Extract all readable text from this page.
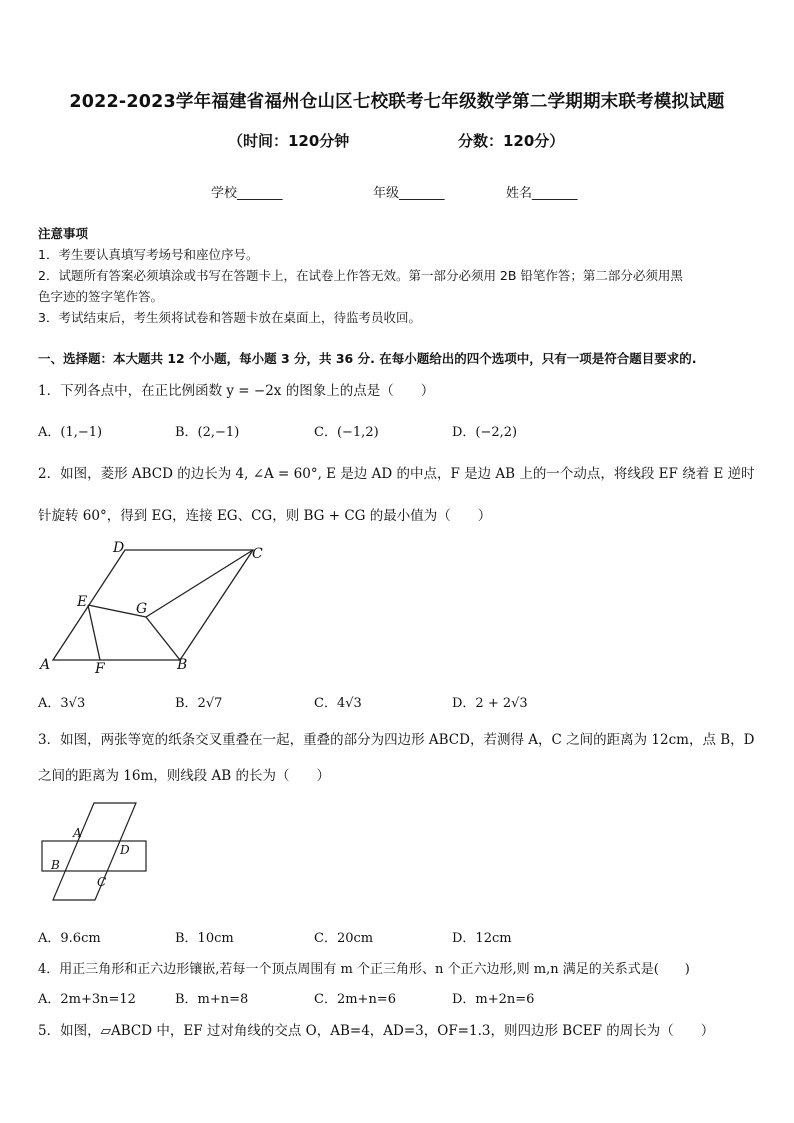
2022-2023学年福建省福州仓山区七校联考七年级数学第二学期期末联考模拟试题
（时间：120分钟	分数：120分）
学校_______	年级_______	姓名_______
注意事项
1．考生要认真填写考场号和座位序号。
2．试题所有答案必须填涂或书写在答题卡上，在试卷上作答无效。第一部分必须用 2B 铅笔作答；第二部分必须用黑
色字迹的签字笔作答。
3．考试结束后，考生须将试卷和答题卡放在桌面上，待监考员收回。
一、选择题：本大题共 12 个小题，每小题 3 分，共 36 分. 在每小题给出的四个选项中，只有一项是符合题目要求的.
1．下列各点中，在正比例函数 y = −2x 的图象上的点是（　　）
A．(1,−1)	B．(2,−1)	C．(−1,2)	D．(−2,2)
2．如图，菱形 ABCD 的边长为 4, ∠A = 60°, E 是边 AD 的中点，F 是边 AB 上的一个动点，将线段 EF 绕着 E 逆时
针旋转 60°，得到 EG，连接 EG、CG，则 BG + CG 的最小值为（　　）
D	C
E	G
A	F	B
A．3√3	B．2√7	C．4√3	D．2 + 2√3
3．如图，两张等宽的纸条交叉重叠在一起，重叠的部分为四边形 ABCD，若测得 A，C 之间的距离为 12cm，点 B，D
之间的距离为 16m，则线段 AB 的长为（　　）
A
B
D
C
A．9.6cm	B．10cm	C．20cm	D．12cm
4．用正三角形和正六边形镶嵌,若每一个顶点周围有 m 个正三角形、n 个正六边形,则 m,n 满足的关系式是(　　)
A．2m+3n=12	B．m+n=8	C．2m+n=6	D．m+2n=6
5．如图，▱ABCD 中，EF 过对角线的交点 O，AB=4，AD=3，OF=1.3，则四边形 BCEF 的周长为（　　）
